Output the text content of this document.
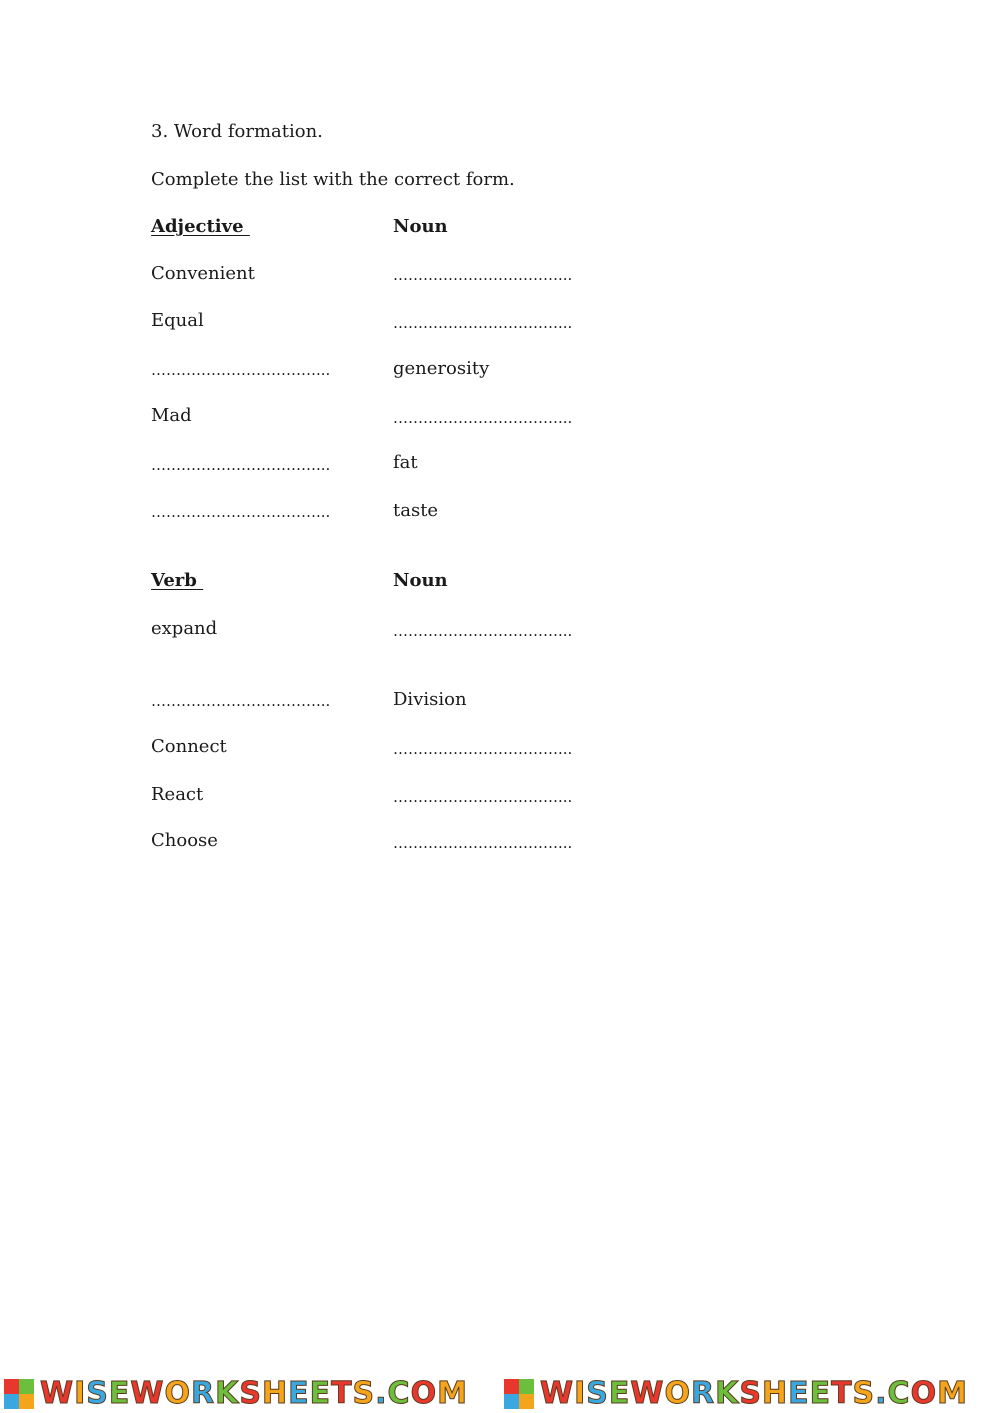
3. Word formation.
Complete the list with the correct form.
Adjective	Noun

Convenient	……………………………...
Equal	……………………………...
……………………………...	generosity
Mad	……………………………...
……………………………...	fat
……………………………...	taste
Verb	Noun

expand	……………………………...
……………………………...	Division
Connect	……………………………...
React	……………………………...
Choose	……………………………...
WISEWORKSHEETS.COM WISEWORKSHEETS.COM
